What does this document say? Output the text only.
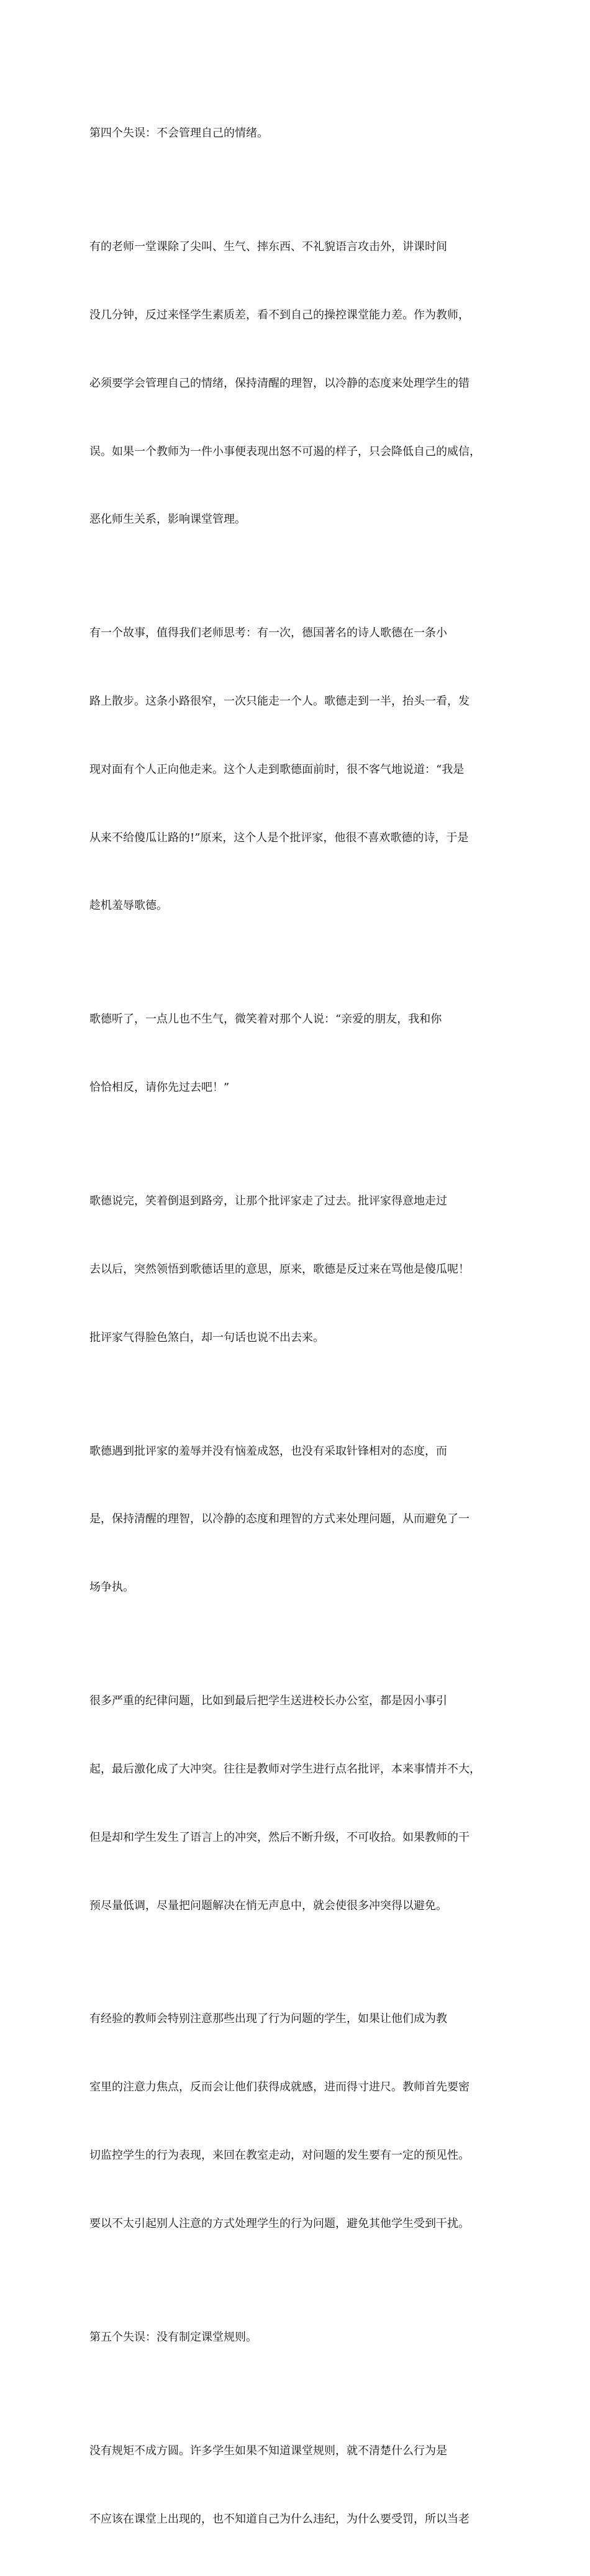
第四个失误：不会管理自己的情绪。

有的老师一堂课除了尖叫、生气、摔东西、不礼貌语言攻击外，讲课时间

没几分钟，反过来怪学生素质差，看不到自己的操控课堂能力差。作为教师，

必须要学会管理自己的情绪，保持清醒的理智，以冷静的态度来处理学生的错

误。如果一个教师为一件小事便表现出怒不可遏的样子，只会降低自己的威信，

恶化师生关系，影响课堂管理。

有一个故事，值得我们老师思考：有一次，德国著名的诗人歌德在一条小

路上散步。这条小路很窄，一次只能走一个人。歌德走到一半，抬头一看，发

现对面有个人正向他走来。这个人走到歌德面前时，很不客气地说道：“我是

从来不给傻瓜让路的!”原来，这个人是个批评家，他很不喜欢歌德的诗，于是

趁机羞辱歌德。

歌德听了，一点儿也不生气，微笑着对那个人说：“亲爱的朋友，我和你

恰恰相反，请你先过去吧！”

歌德说完，笑着倒退到路旁，让那个批评家走了过去。批评家得意地走过

去以后，突然领悟到歌德话里的意思，原来，歌德是反过来在骂他是傻瓜呢！

批评家气得脸色煞白，却一句话也说不出去来。

歌德遇到批评家的羞辱并没有恼羞成怒，也没有采取针锋相对的态度，而

是，保持清醒的理智，以冷静的态度和理智的方式来处理问题，从而避免了一

场争执。

很多严重的纪律问题，比如到最后把学生送进校长办公室，都是因小事引

起，最后激化成了大冲突。往往是教师对学生进行点名批评，本来事情并不大，

但是却和学生发生了语言上的冲突，然后不断升级，不可收拾。如果教师的干

预尽量低调，尽量把问题解决在悄无声息中，就会使很多冲突得以避免。

有经验的教师会特别注意那些出现了行为问题的学生，如果让他们成为教

室里的注意力焦点，反而会让他们获得成就感，进而得寸进尺。教师首先要密

切监控学生的行为表现，来回在教室走动，对问题的发生要有一定的预见性。

要以不太引起别人注意的方式处理学生的行为问题，避免其他学生受到干扰。

第五个失误：没有制定课堂规则。

没有规矩不成方圆。许多学生如果不知道课堂规则，就不清楚什么行为是

不应该在课堂上出现的，也不知道自己为什么违纪，为什么要受罚，所以当老
